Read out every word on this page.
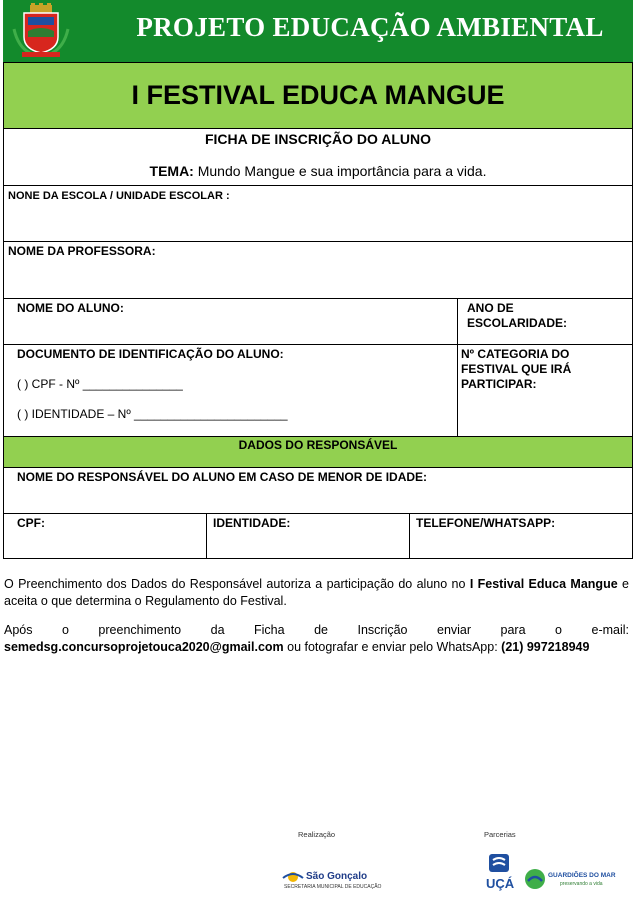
PROJETO EDUCAÇÃO AMBIENTAL
I FESTIVAL EDUCA MANGUE
FICHA DE INSCRIÇÃO DO ALUNO
TEMA: Mundo Mangue e sua importância para a vida.
NONE DA ESCOLA / UNIDADE ESCOLAR :
NOME DA PROFESSORA:
NOME DO ALUNO:	ANO DE
ESCOLARIDADE:
DOCUMENTO DE IDENTIFICAÇÃO DO ALUNO:
( ) CPF - Nº _______________
( ) IDENTIDADE – Nº _______________________
Nº CATEGORIA DO
FESTIVAL QUE IRÁ
PARTICIPAR:
DADOS DO RESPONSÁVEL
NOME DO RESPONSÁVEL DO ALUNO EM CASO DE MENOR DE IDADE:
CPF:	IDENTIDADE:	TELEFONE/WHATSAPP:
O Preenchimento dos Dados do Responsável autoriza a participação do aluno no I Festival Educa Mangue e aceita o que determina o Regulamento do Festival.
Após o preenchimento da Ficha de Inscrição enviar para o e-mail: semedsg.concursoprojetouca2020@gmail.com ou fotografar e enviar pelo WhatsApp: (21) 997218949
Realização	Parcerias
São Gonçalo
SECRETARIA MUNICIPAL DE EDUCAÇÃO	UÇÁ
GUARDIÕES DO MAR
preservando a vida
